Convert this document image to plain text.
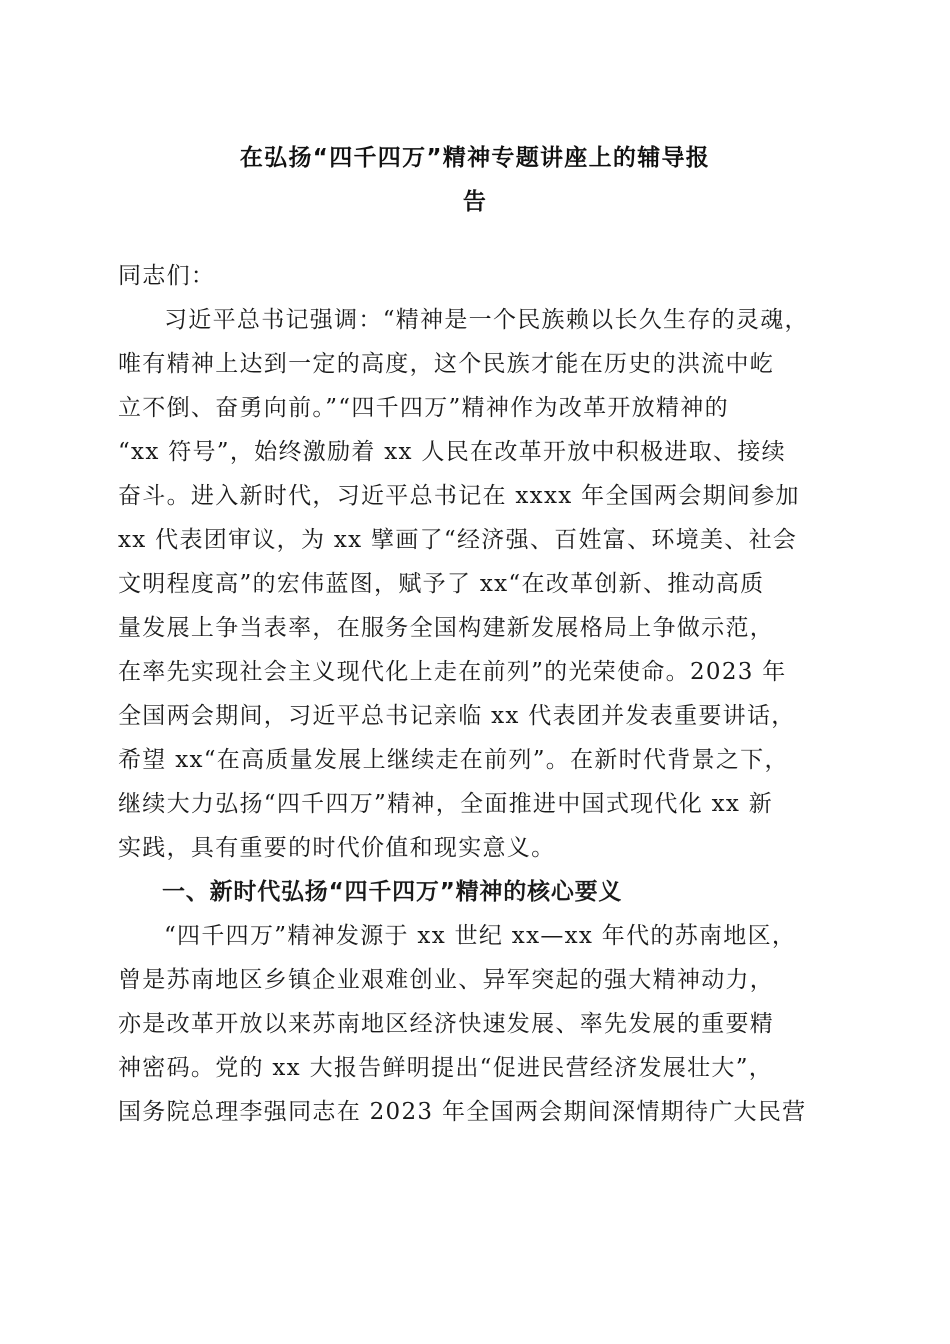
在弘扬“四千四万”精神专题讲座上的辅导报
告
同志们：
习近平总书记强调：“精神是一个民族赖以长久生存的灵魂，
唯有精神上达到一定的高度，这个民族才能在历史的洪流中屹
立不倒、奋勇向前。”“四千四万”精神作为改革开放精神的
“xx 符号”，始终激励着 xx 人民在改革开放中积极进取、接续
奋斗。进入新时代，习近平总书记在 xxxx 年全国两会期间参加
xx 代表团审议，为 xx 擘画了“经济强、百姓富、环境美、社会
文明程度高”的宏伟蓝图，赋予了 xx“在改革创新、推动高质
量发展上争当表率，在服务全国构建新发展格局上争做示范，
在率先实现社会主义现代化上走在前列”的光荣使命。2023 年
全国两会期间，习近平总书记亲临 xx 代表团并发表重要讲话，
希望 xx“在高质量发展上继续走在前列”。在新时代背景之下，
继续大力弘扬“四千四万”精神，全面推进中国式现代化 xx 新
实践，具有重要的时代价值和现实意义。
一、新时代弘扬“四千四万”精神的核心要义
“四千四万”精神发源于 xx 世纪 xx—xx 年代的苏南地区，
曾是苏南地区乡镇企业艰难创业、异军突起的强大精神动力，
亦是改革开放以来苏南地区经济快速发展、率先发展的重要精
神密码。党的 xx 大报告鲜明提出“促进民营经济发展壮大”，
国务院总理李强同志在 2023 年全国两会期间深情期待广大民营
